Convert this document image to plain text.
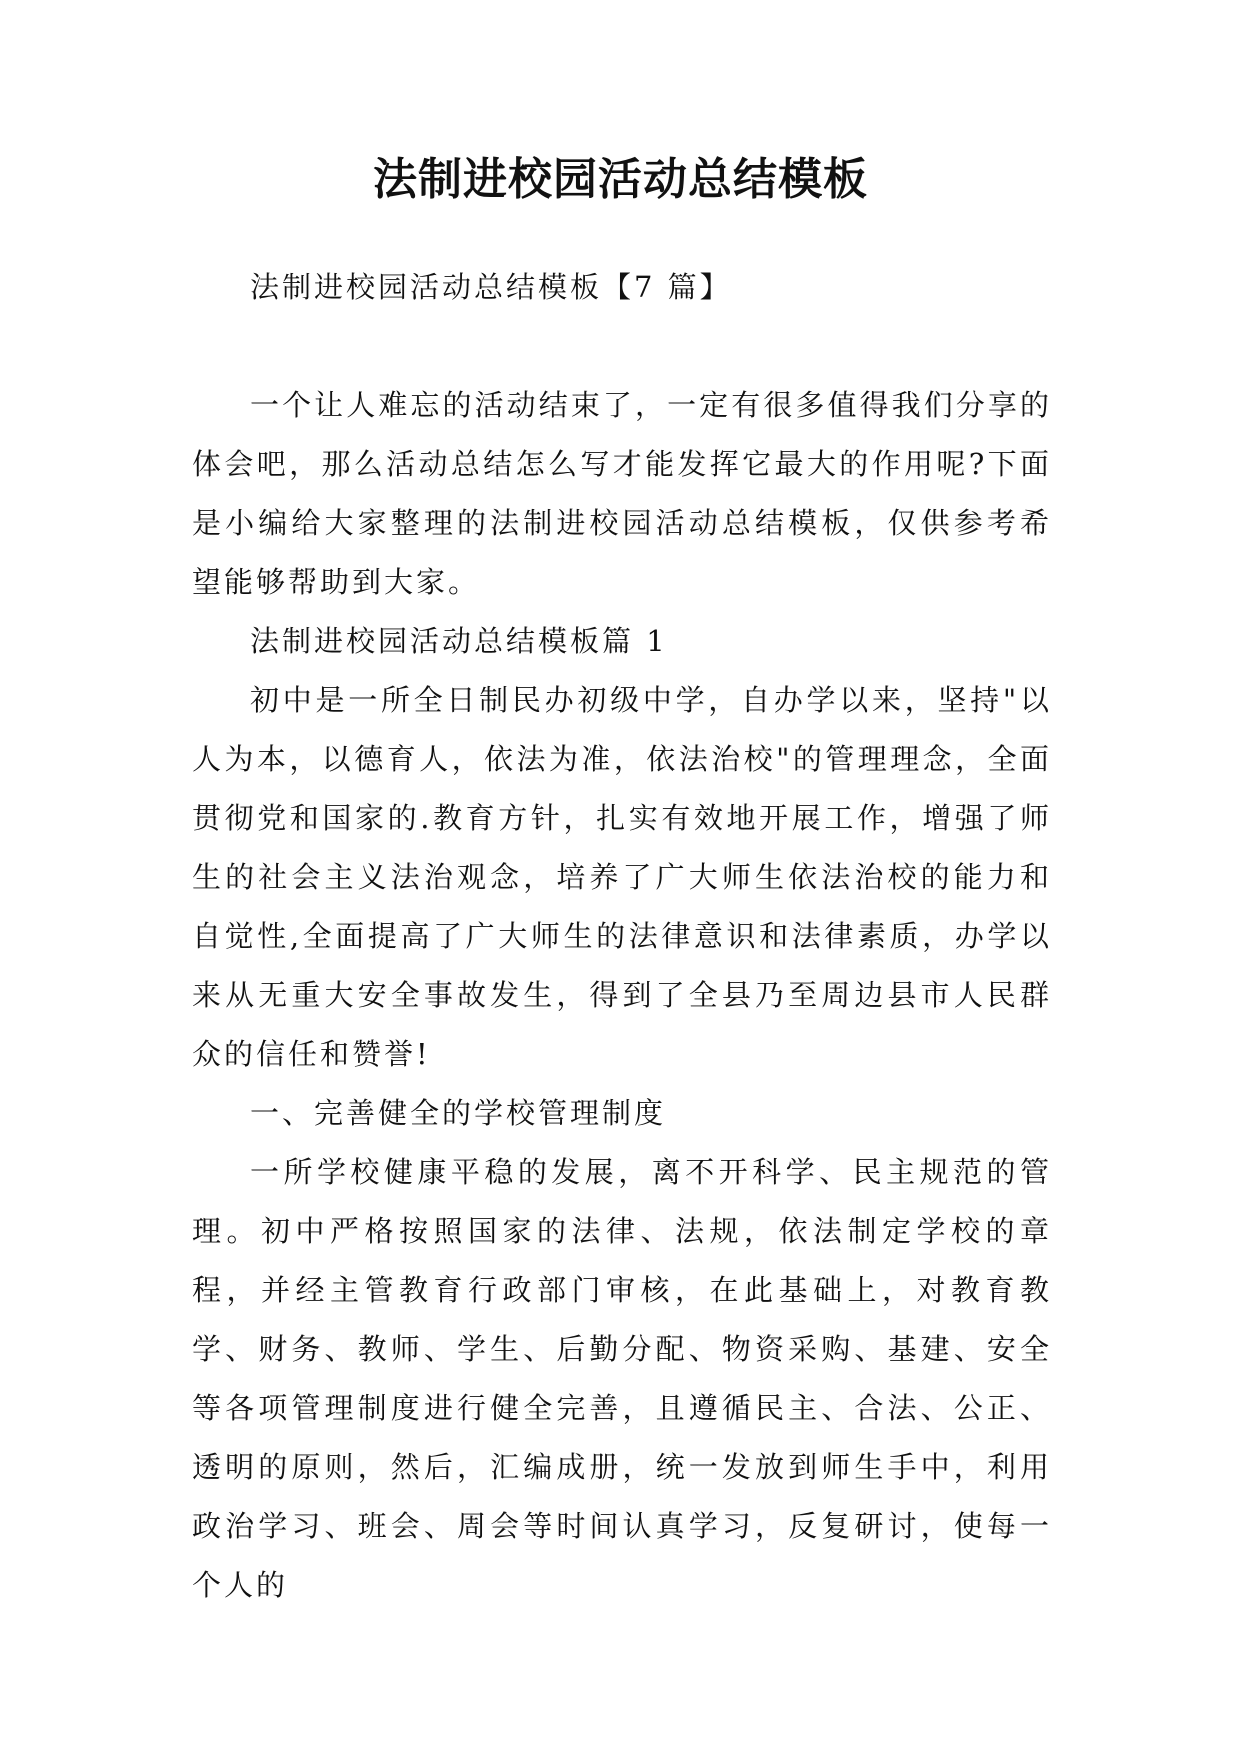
法制进校园活动总结模板

法制进校园活动总结模板【7 篇】

一个让人难忘的活动结束了，一定有很多值得我们分享的体会吧，那么活动总结怎么写才能发挥它最大的作用呢?下面是小编给大家整理的法制进校园活动总结模板，仅供参考希望能够帮助到大家。

法制进校园活动总结模板篇 1

初中是一所全日制民办初级中学，自办学以来，坚持"以人为本，以德育人，依法为准，依法治校"的管理理念，全面贯彻党和国家的.教育方针，扎实有效地开展工作，增强了师生的社会主义法治观念，培养了广大师生依法治校的能力和自觉性,全面提高了广大师生的法律意识和法律素质，办学以来从无重大安全事故发生，得到了全县乃至周边县市人民群众的信任和赞誉!

一、完善健全的学校管理制度

一所学校健康平稳的发展，离不开科学、民主规范的管理。初中严格按照国家的法律、法规，依法制定学校的章程，并经主管教育行政部门审核，在此基础上，对教育教学、财务、教师、学生、后勤分配、物资采购、基建、安全等各项管理制度进行健全完善，且遵循民主、合法、公正、透明的原则，然后，汇编成册，统一发放到师生手中，利用政治学习、班会、周会等时间认真学习，反复研讨，使每一个人的
